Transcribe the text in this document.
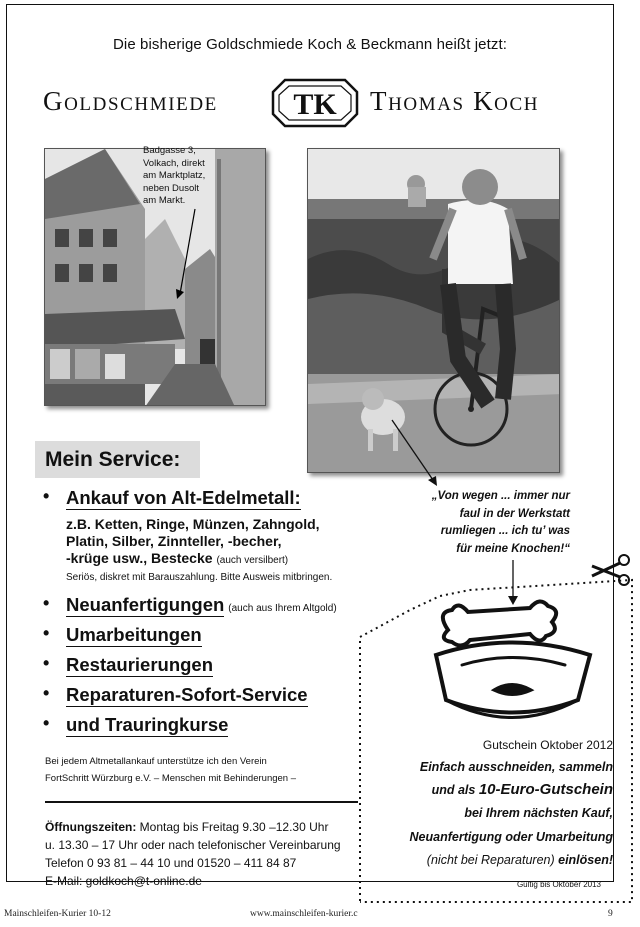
Die bisherige Goldschmiede Koch & Beckmann heißt jetzt:
Goldschmiede	TK Thomas Koch
Badgasse 3,
Volkach, direkt
am Marktplatz,
neben Dusolt
am Markt.
Mein Service:
• Ankauf von Alt-Edelmetall:
z.B. Ketten, Ringe, Münzen, Zahngold,
Platin, Silber, Zinnteller, -becher,
-krüge usw., Bestecke (auch versilbert)
Seriös, diskret mit Barauszahlung. Bitte Ausweis mitbringen.
• Neuanfertigungen (auch aus Ihrem Altgold)
• Umarbeitungen
• Restaurierungen
• Reparaturen-Sofort-Service
• und Trauringkurse
Bei jedem Altmetallankauf unterstütze ich den Verein
FortSchritt Würzburg e.V. – Menschen mit Behinderungen –
Öffnungszeiten: Montag bis Freitag 9.30 –12.30 Uhr
u. 13.30 – 17 Uhr oder nach telefonischer Vereinbarung
Telefon 0 93 81 – 44 10 und 01520 – 411 84 87
E-Mail: goldkoch@t-online.de
„Von wegen ... immer nur
faul in der Werkstatt
rumliegen ... ich tu’ was
für meine Knochen!“
Gutschein Oktober 2012
Einfach ausschneiden, sammeln
und als 10-Euro-Gutschein
bei Ihrem nächsten Kauf,
Neuanfertigung oder Umarbeitung
(nicht bei Reparaturen) einlösen!
Gültig bis Oktober 2013
Mainschleifen-Kurier 10-12	www.mainschleifen-kurier.c	9
